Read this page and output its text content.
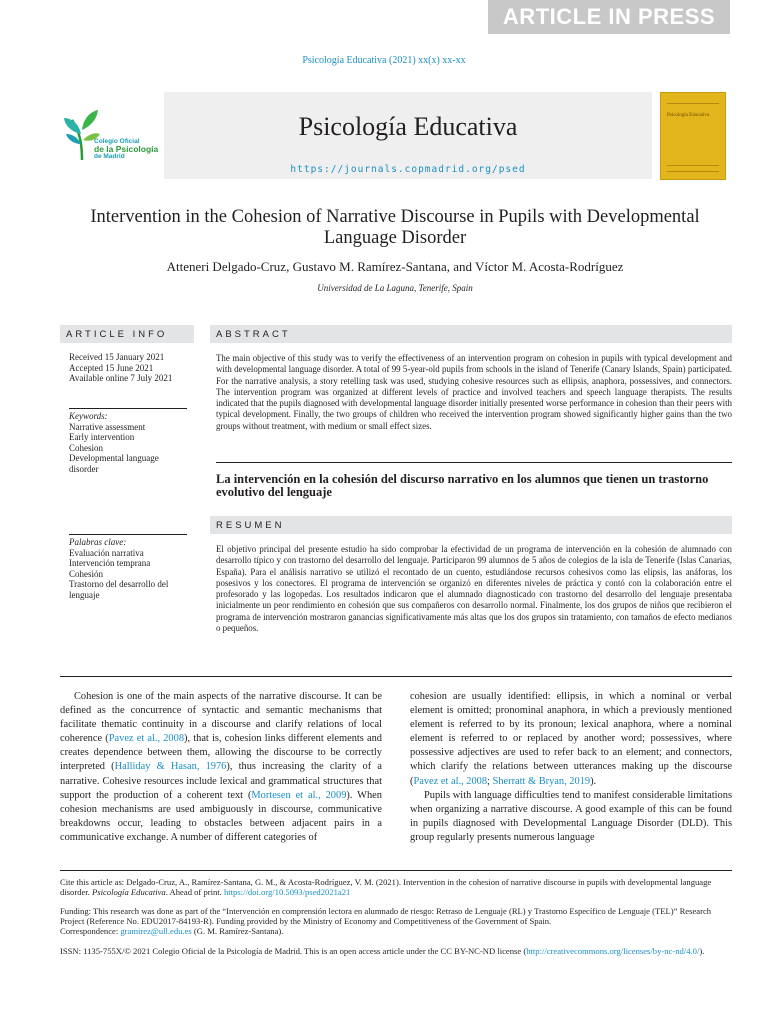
ARTICLE IN PRESS
Psicología Educativa (2021) xx(x) xx-xx
Colegio Oficial
de la Psicología
de Madrid
Psicología Educativa
https://journals.copmadrid.org/psed
Psicología Educativa
Intervention in the Cohesion of Narrative Discourse in Pupils with Developmental Language Disorder
Atteneri Delgado-Cruz, Gustavo M. Ramírez-Santana, and Víctor M. Acosta-Rodríguez
Universidad de La Laguna, Tenerife, Spain
ARTICLE INFO	ABSTRACT
Received 15 January 2021
Accepted 15 June 2021
Available online 7 July 2021
Keywords:
Narrative assessment
Early intervention
Cohesion
Developmental language disorder
Palabras clave:
Evaluación narrativa
Intervención temprana
Cohesión
Trastorno del desarrollo del lenguaje
The main objective of this study was to verify the effectiveness of an intervention program on cohesion in pupils with typical development and with developmental language disorder. A total of 99 5-year-old pupils from schools in the island of Tenerife (Canary Islands, Spain) participated. For the narrative analysis, a story retelling task was used, studying cohesive resources such as ellipsis, anaphora, possessives, and connectors. The intervention program was organized at different levels of practice and involved teachers and speech language therapists. The results indicated that the pupils diagnosed with developmental language disorder initially presented worse performance in cohesion than their peers with typical development. Finally, the two groups of children who received the intervention program showed significantly higher gains than the two groups without treatment, with medium or small effect sizes.
La intervención en la cohesión del discurso narrativo en los alumnos que tienen un trastorno evolutivo del lenguaje
RESUMEN
El objetivo principal del presente estudio ha sido comprobar la efectividad de un programa de intervención en la cohesión de alumnado con desarrollo típico y con trastorno del desarrollo del lenguaje. Participaron 99 alumnos de 5 años de colegios de la isla de Tenerife (Islas Canarias, España). Para el análisis narrativo se utilizó el recontado de un cuento, estudiándose recursos cohesivos como las elipsis, las anáforas, los posesivos y los conectores. El programa de intervención se organizó en diferentes niveles de práctica y contó con la colaboración entre el profesorado y las logopedas. Los resultados indicaron que el alumnado diagnosticado con trastorno del desarrollo del lenguaje presentaba inicialmente un peor rendimiento en cohesión que sus compañeros con desarrollo normal. Finalmente, los dos grupos de niños que recibieron el programa de intervención mostraron ganancias significativamente más altas que los dos grupos sin tratamiento, con tamaños de efecto medianos o pequeños.

Cohesion is one of the main aspects of the narrative discourse. It can be defined as the concurrence of syntactic and semantic mechanisms that facilitate thematic continuity in a discourse and clarify relations of local coherence (Pavez et al., 2008), that is, cohesion links different elements and creates dependence between them, allowing the discourse to be correctly interpreted (Halliday & Hasan, 1976), thus increasing the clarity of a narrative. Cohesive resources include lexical and grammatical structures that support the production of a coherent text (Mortesen et al., 2009). When cohesion mechanisms are used ambiguously in discourse, communicative breakdowns occur, leading to obstacles between adjacent pairs in a communicative exchange. A number of different categories of

cohesion are usually identified: ellipsis, in which a nominal or verbal element is omitted; pronominal anaphora, in which a previously mentioned element is referred to by its pronoun; lexical anaphora, where a nominal element is referred to or replaced by another word; possessives, where possessive adjectives are used to refer back to an element; and connectors, which clarify the relations between utterances making up the discourse (Pavez et al., 2008; Sherratt & Bryan, 2019).

Pupils with language difficulties tend to manifest considerable limitations when organizing a narrative discourse. A good example of this can be found in pupils diagnosed with Developmental Language Disorder (DLD). This group regularly presents numerous language

Cite this article as: Delgado-Cruz, A., Ramírez-Santana, G. M., & Acosta-Rodríguez, V. M. (2021). Intervention in the cohesion of narrative discourse in pupils with developmental language disorder. Psicología Educativa. Ahead of print. https://doi.org/10.5093/psed2021a21
Funding: This research was done as part of the “Intervención en comprensión lectora en alumnado de riesgo: Retraso de Lenguaje (RL) y Trastorno Específico de Lenguaje (TEL)” Research Project (Reference No. EDU2017-84193-R). Funding provided by the Ministry of Economy and Competitiveness of the Government of Spain.
Correspondence: gramirez@ull.edu.es (G. M. Ramírez-Santana).
ISSN: 1135-755X/© 2021 Colegio Oficial de la Psicología de Madrid. This is an open access article under the CC BY-NC-ND license (http://creativecommons.org/licenses/by-nc-nd/4.0/).
